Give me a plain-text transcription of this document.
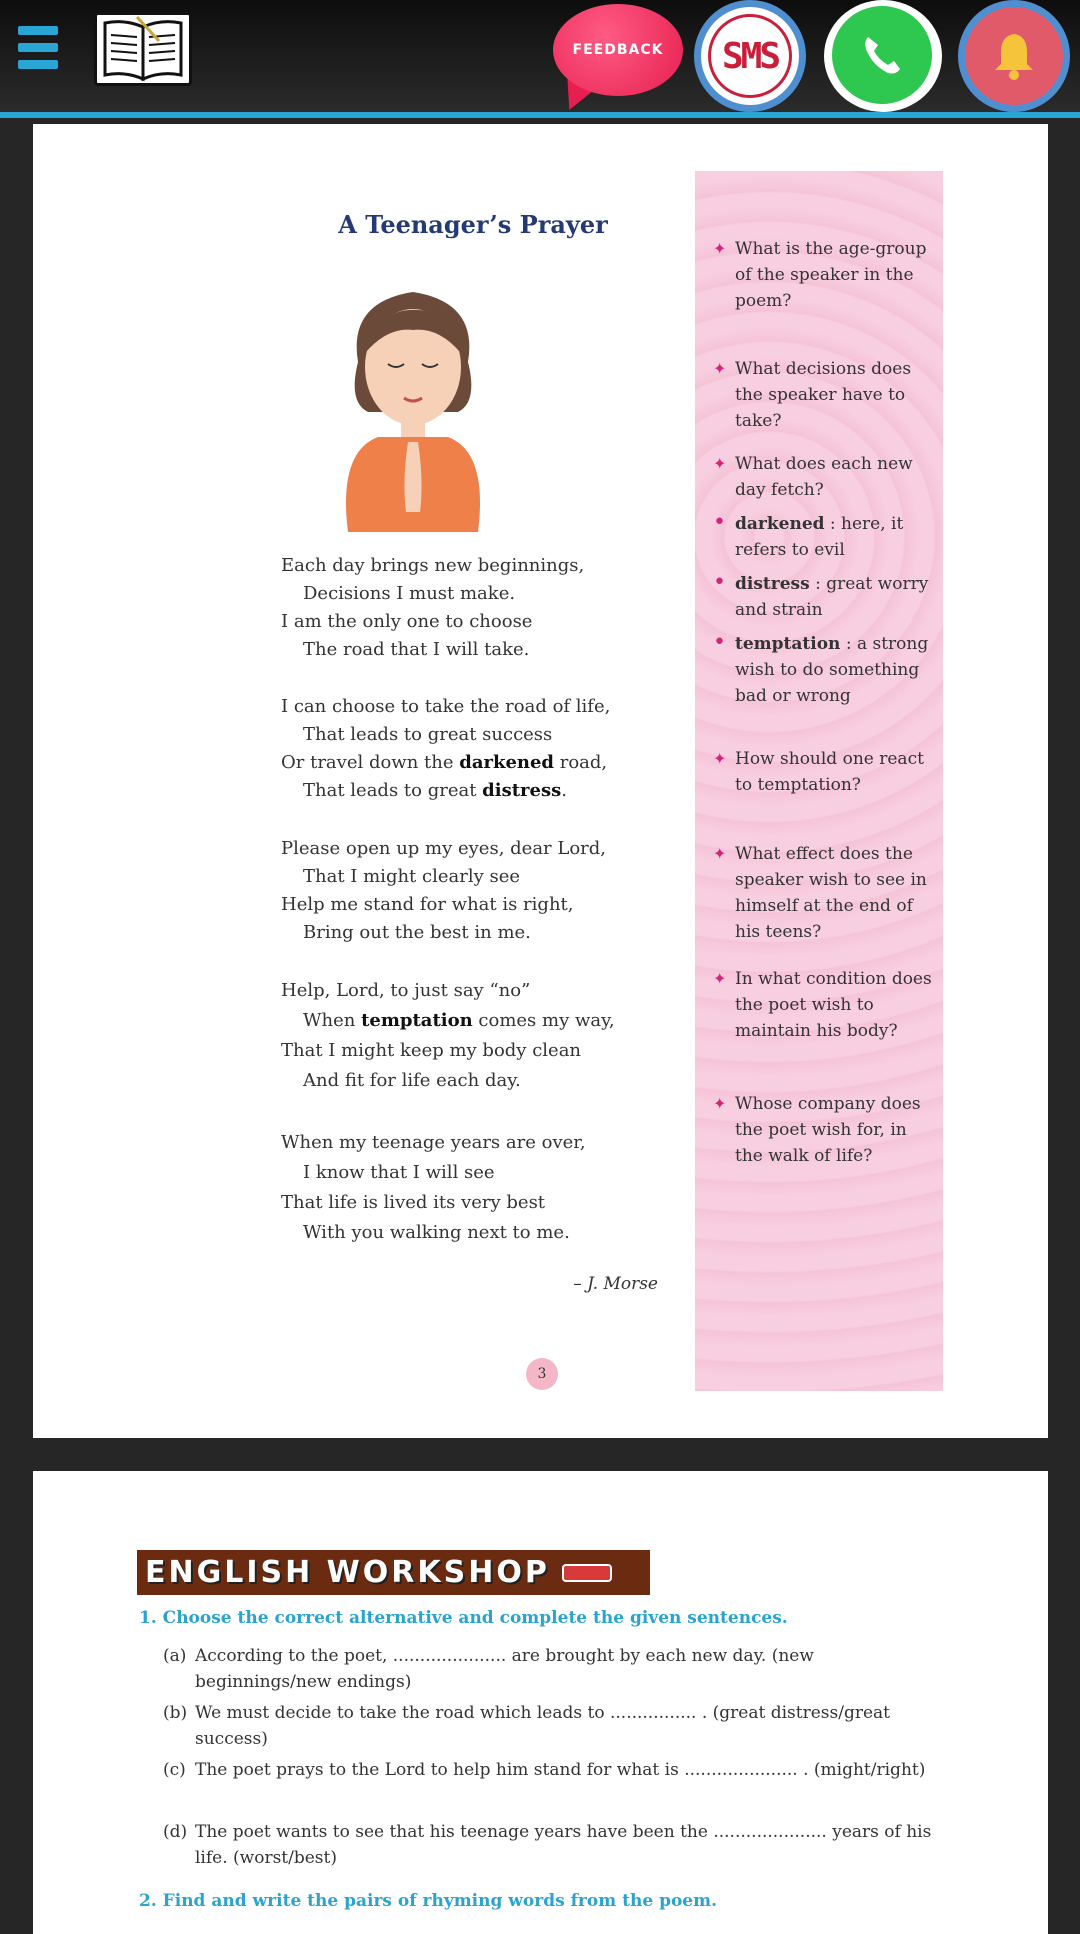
FEEDBACK SMS
A Teenager’s Prayer
Each day brings new beginnings,
Decisions I must make.
I am the only one to choose
The road that I will take.
I can choose to take the road of life,
That leads to great success
Or travel down the darkened road,
That leads to great distress.
Please open up my eyes, dear Lord,
That I might clearly see
Help me stand for what is right,
Bring out the best in me.
Help, Lord, to just say “no”
When temptation comes my way,
That I might keep my body clean
And fit for life each day.
When my teenage years are over,
I know that I will see
That life is lived its very best
With you walking next to me.
– J. Morse
3
✦ What is the age-group of the speaker in the poem?
✦ What decisions does the speaker have to take?
✦ What does each new day fetch?
• darkened : here, it refers to evil
• distress : great worry and strain
• temptation : a strong wish to do something bad or wrong
✦ How should one react to temptation?
✦ What effect does the speaker wish to see in himself at the end of his teens?
✦ In what condition does the poet wish to maintain his body?
✦ Whose company does the poet wish for, in the walk of life?
ENGLISH WORKSHOP
1. Choose the correct alternative and complete the given sentences.
(a) According to the poet, ..................... are brought by each new day. (new beginnings/new endings)
(b) We must decide to take the road which leads to ................ . (great distress/great success)
(c) The poet prays to the Lord to help him stand for what is ..................... . (might/right)
(d) The poet wants to see that his teenage years have been the ..................... years of his life. (worst/best)
2. Find and write the pairs of rhyming words from the poem.
